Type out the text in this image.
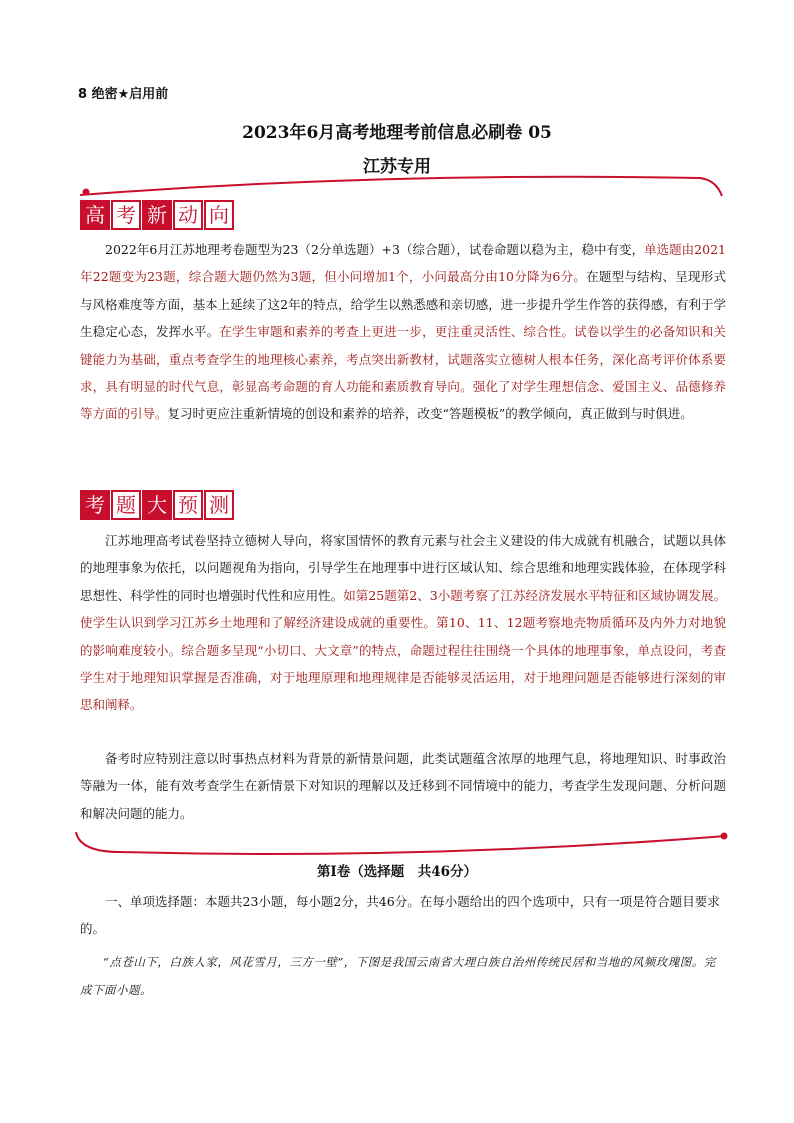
8 绝密★启用前
2023年6月高考地理考前信息必刷卷 05
江苏专用
高 考 新 动 向
2022年6月江苏地理考卷题型为23（2分单选题）+3（综合题），试卷命题以稳为主，稳中有变，单选题由2021年22题变为23题，综合题大题仍然为3题，但小问增加1个，小问最高分由10分降为6分。在题型与结构、呈现形式与风格难度等方面，基本上延续了这2年的特点，给学生以熟悉感和亲切感，进一步提升学生作答的获得感，有利于学生稳定心态，发挥水平。在学生审题和素养的考查上更进一步，更注重灵活性、综合性。试卷以学生的必备知识和关键能力为基础，重点考查学生的地理核心素养，考点突出新教材，试题落实立德树人根本任务，深化高考评价体系要求，具有明显的时代气息，彰显高考命题的育人功能和素质教育导向。强化了对学生理想信念、爱国主义、品德修养等方面的引导。复习时更应注重新情境的创设和素养的培养，改变“答题模板”的教学倾向，真正做到与时俱进。
考 题 大 预 测
江苏地理高考试卷坚持立德树人导向，将家国情怀的教育元素与社会主义建设的伟大成就有机融合，试题以具体的地理事象为依托，以问题视角为指向，引导学生在地理事中进行区域认知、综合思维和地理实践体验，在体现学科思想性、科学性的同时也增强时代性和应用性。如第25题第2、3小题考察了江苏经济发展水平特征和区域协调发展。使学生认识到学习江苏乡土地理和了解经济建设成就的重要性。第10、11、12题考察地壳物质循环及内外力对地貌的影响难度较小。综合题多呈现“小切口、大文章”的特点，命题过程往往围绕一个具体的地理事象，单点设问，考查学生对于地理知识掌握是否准确，对于地理原理和地理规律是否能够灵活运用，对于地理问题是否能够进行深刻的审思和阐释。
备考时应特别注意以时事热点材料为背景的新情景问题，此类试题蕴含浓厚的地理气息，将地理知识、时事政治等融为一体，能有效考查学生在新情景下对知识的理解以及迁移到不同情境中的能力，考查学生发现问题、分析问题和解决问题的能力。
第Ⅰ卷（选择题　共46分）
一、单项选择题：本题共23小题，每小题2分，共46分。在每小题给出的四个选项中，只有一项是符合题目要求的。
“点苍山下，白族人家，风花雪月，三方一壁”，下图是我国云南省大理白族自治州传统民居和当地的风频玫瑰图。完成下面小题。
